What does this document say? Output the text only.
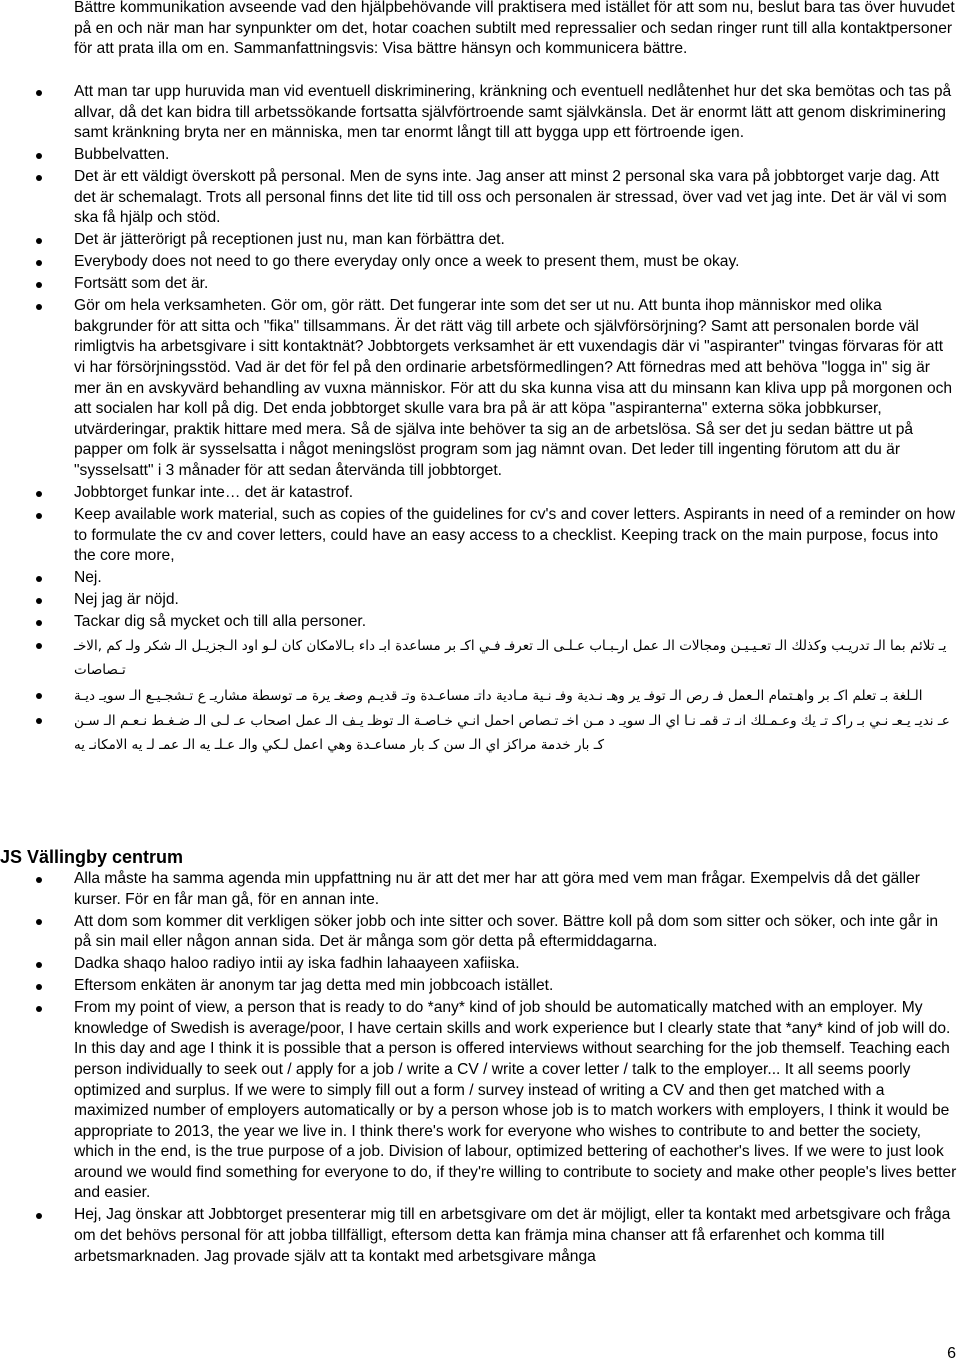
Bättre kommunikation avseende vad den hjälpbehövande vill praktisera med istället för att som nu, beslut bara tas över huvudet på en och när man har synpunkter om det, hotar coachen subtilt med repressalier och sedan ringer runt till alla kontaktpersoner för att prata illa om en. Sammanfattningsvis: Visa bättre hänsyn och kommunicera bättre.

Att man tar upp huruvida man vid eventuell diskriminering, kränkning och eventuell nedlåtenhet hur det ska bemötas och tas på allvar, då det kan bidra till arbetssökande fortsatta självförtroende samt självkänsla. Det är enormt lätt att genom diskriminering samt kränkning bryta ner en människa, men tar enormt långt till att bygga upp ett förtroende igen.
Bubbelvatten.
Det är ett väldigt överskott på personal. Men de syns inte. Jag anser att minst 2 personal ska vara på jobbtorget varje dag. Att det är schemalagt. Trots all personal finns det lite tid till oss och personalen är stressad, över vad vet jag inte. Det är väl vi som ska få hjälp och stöd.
Det är jätterörigt på receptionen just nu, man kan förbättra det.
Everybody does not need to go there everyday only once a week to present them, must be okay.
Fortsätt som det är.
Gör om hela verksamheten. Gör om, gör rätt. Det fungerar inte som det ser ut nu. Att bunta ihop människor med olika bakgrunder för att sitta och "fika" tillsammans. Är det rätt väg till arbete och självförsörjning? Samt att personalen borde väl rimligtvis ha arbetsgivare i sitt kontaktnät? Jobbtorgets verksamhet är ett vuxendagis där vi "aspiranter" tvingas förvaras för att vi har försörjningsstöd. Vad är det för fel på den ordinarie arbetsförmedlingen? Att förnedras med att behöva "logga in" sig är mer än en avskyvärd behandling av vuxna människor. För att du ska kunna visa att du minsann kan kliva upp på morgonen och att socialen har koll på dig. Det enda jobbtorget skulle vara bra på är att köpa "aspiranterna" externa söka jobbkurser, utvärderingar, praktik hittare med mera. Så de själva inte behöver ta sig an de arbetslösa. Så ser det ju sedan bättre ut på papper om folk är sysselsatta i något meningslöst program som jag nämnt ovan. Det leder till ingenting förutom att du är "sysselsatt" i 3 månader för att sedan återvända till jobbtorget.
Jobbtorget funkar inte… det är katastrof.
Keep available work material, such as copies of the guidelines for cv's and cover letters. Aspirants in need of a reminder on how to formulate the cv and cover letters, could have an easy access to a checklist. Keeping track on the main purpose, focus into the core more,
Nej.
Nej jag är nöjd.
Tackar dig så mycket och till alla personer.
يـ تلائم بما الـ تدريـب وكذلك الـ تعـيـيـن ومجالات الـ عمل ارـبـاب عـلـى الـ تعرفـ فـي اكـ بر مساعدة ابـ داء بـالامكان كان لـو اود الـجزيـل الـ شكر ولـ كم ,الاخـ تـصاصات
الـلغة بـ تعلم اكـ بر واهـتمام الـعمل فـ رص الـ توفـ ير وهـ نـدية وفـ نـية مـادية داتـ مساعـدة وتـ قديـم وصغـ يرة مـ توسطة مشاريـ ع تـشجـيـع الـ سويـ ديـة
عـ نديـ يـعـ نـي بـ راكـ تـ يك وعـمـلك انـ تـ قمـ نـا اي الـ سويـ د مـن اخـ تـصاص احمل انـي خـاصـة الـ توظـ يـف الـ عمل اصحاب عـ لـى الـ ضـغـط نـعـم الـ سـن كـ بار خدمة مراكز اي الـ سن كـ بار مساعـدة وهي اعمل لـكي والـ عـلـ يه الـ عمـ لـ يه الامكانـ يه
JS Vällingby centrum
Alla måste ha samma agenda min uppfattning nu är att det mer har att göra med vem man frågar. Exempelvis då det gäller kurser. För en får man gå, för en annan inte.
Att dom som kommer dit verkligen söker jobb och inte sitter och sover. Bättre koll på dom som sitter och söker, och inte går in på sin mail eller någon annan sida. Det är många som gör detta på eftermiddagarna.
Dadka shaqo haloo radiyo intii ay iska fadhin lahaayeen xafiiska.
Eftersom enkäten är anonym tar jag detta med min jobbcoach istället.
From my point of view, a person that is ready to do *any* kind of job should be automatically matched with an employer. My knowledge of Swedish is average/poor, I have certain skills and work experience but I clearly state that *any* kind of job will do. In this day and age I think it is possible that a person is offered interviews without searching for the job themself. Teaching each person individually to seek out / apply for a job / write a CV / write a cover letter / talk to the employer... It all seems poorly optimized and surplus. If we were to simply fill out a form / survey instead of writing a CV and then get matched with a maximized number of employers automatically or by a person whose job is to match workers with employers, I think it would be appropriate to 2013, the year we live in. I think there's work for everyone who wishes to contribute to and better the society, which in the end, is the true purpose of a job. Division of labour, optimized bettering of eachother's lives. If we were to just look around we would find something for everyone to do, if they're willing to contribute to society and make other people's lives better and easier.
Hej, Jag önskar att Jobbtorget presenterar mig till en arbetsgivare om det är möjligt, eller ta kontakt med arbetsgivare och fråga om det behövs personal för att jobba tillfälligt, eftersom detta kan främja mina chanser att få erfarenhet och komma till arbetsmarknaden. Jag provade själv att ta kontakt med arbetsgivare många
6
